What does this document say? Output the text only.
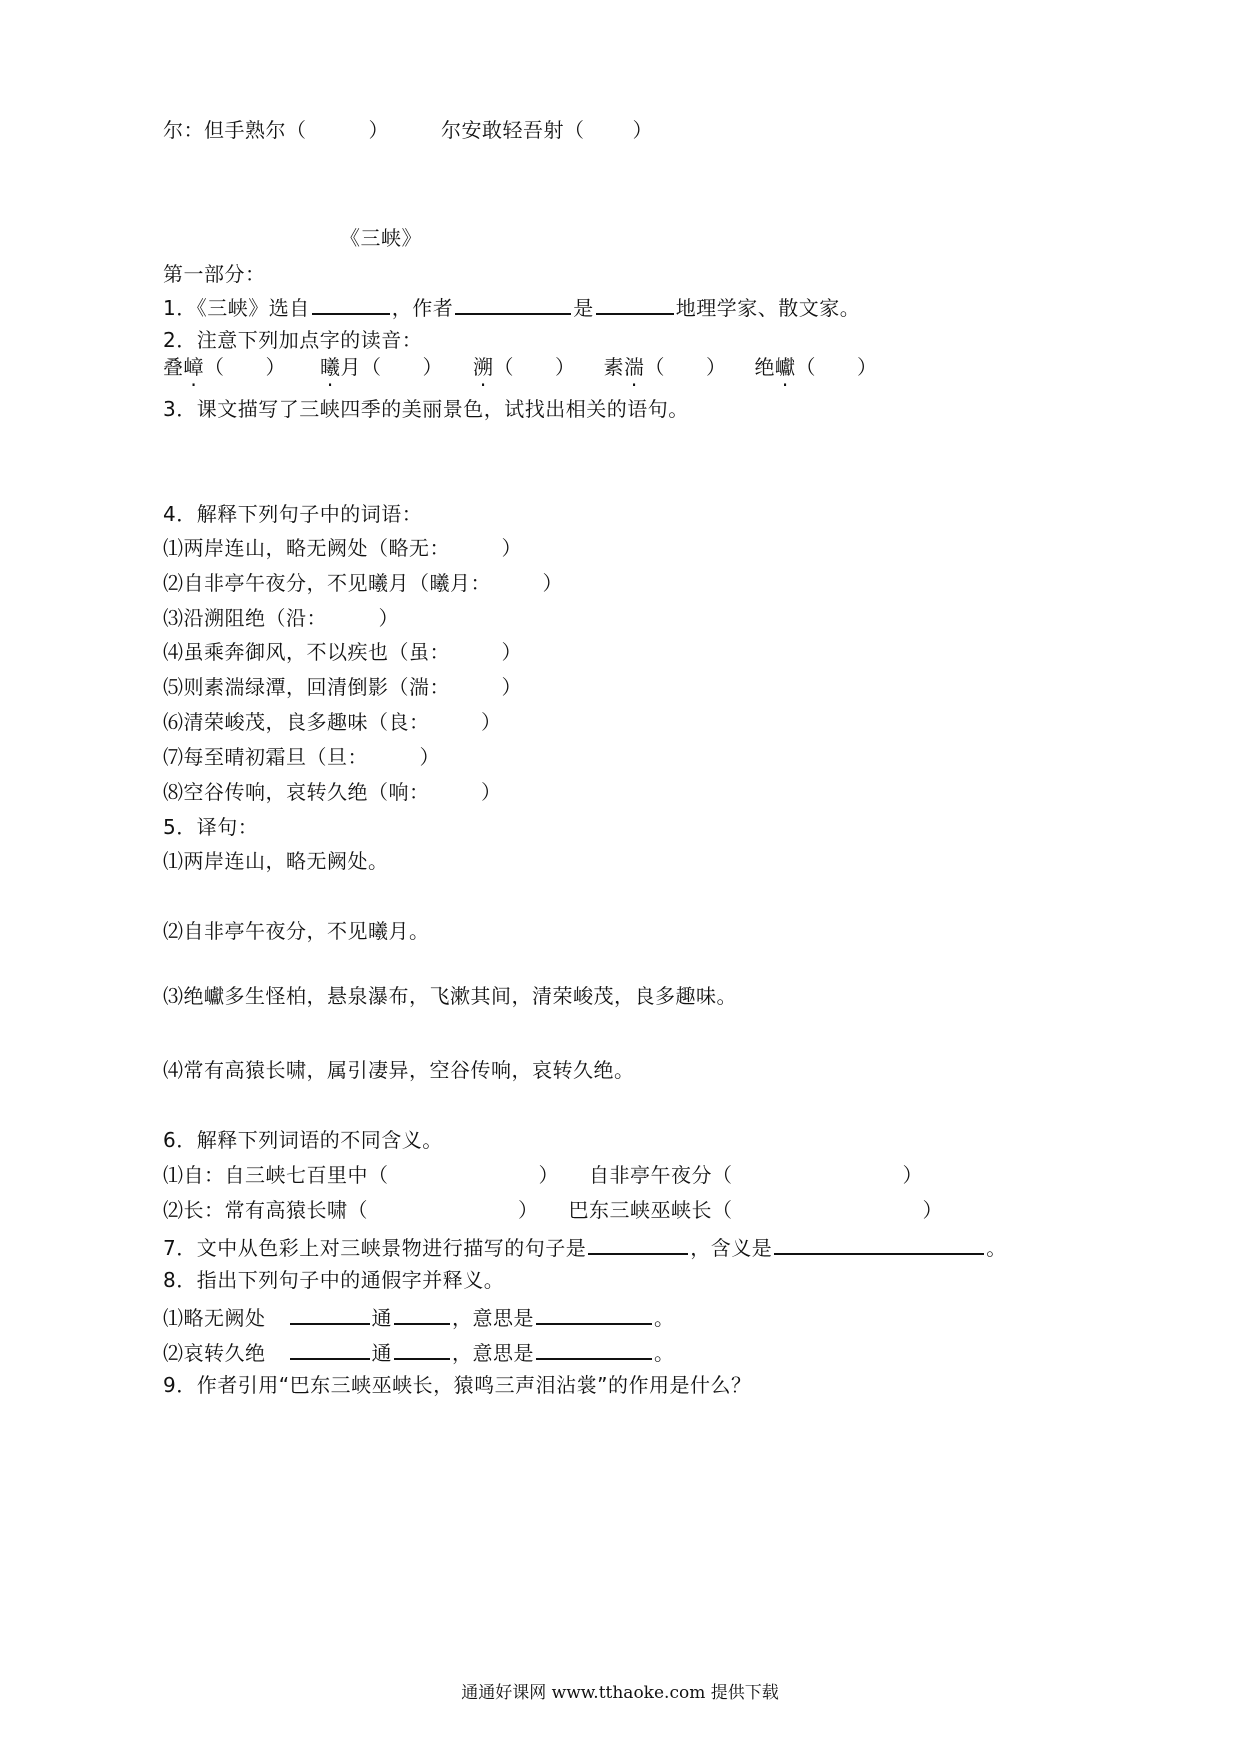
尔：但手熟尔（	）	尔安敢轻吾射（ ）
《三峡》
第一部分：
1．《三峡》选自	，作者	是	地理学家、散文家。
2．注意下列加点字的读音：
叠嶂（　　） 曦月（　　） 溯（　　） 素湍（　　） 绝巘（　　）
3．课文描写了三峡四季的美丽景色，试找出相关的语句。
4．解释下列句子中的词语：
⑴两岸连山，略无阙处（略无：　　　）
⑵自非亭午夜分，不见曦月（曦月：　　　）
⑶沿溯阻绝（沿：　　　）
⑷虽乘奔御风，不以疾也（虽：　　　）
⑸则素湍绿潭，回清倒影（湍：　　　）
⑹清荣峻茂，良多趣味（良：　　　）
⑺每至晴初霜旦（旦：　　　）
⑻空谷传响，哀转久绝（响：　　　）
5．译句：
⑴两岸连山，略无阙处。
⑵自非亭午夜分，不见曦月。
⑶绝巘多生怪柏，悬泉瀑布，飞漱其间，清荣峻茂，良多趣味。
⑷常有高猿长啸，属引凄异，空谷传响，哀转久绝。
6．解释下列词语的不同含义。
⑴自：自三峡七百里中（	） 自非亭午夜分（	）
⑵长：常有高猿长啸（	） 巴东三峡巫峡长（	）
7．文中从色彩上对三峡景物进行描写的句子是	，含义是	。
8．指出下列句子中的通假字并释义。
⑴略无阙处	通	，意思是	。
⑵哀转久绝	通	，意思是	。
9．作者引用“巴东三峡巫峡长，猿鸣三声泪沾裳”的作用是什么？
通通好课网 www.tthaoke.com 提供下载
